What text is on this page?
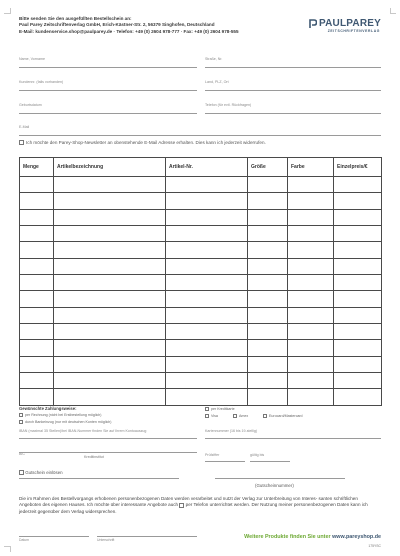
Bitte senden Sie den ausgefüllten Bestellschein an:
Paul Parey Zeitschriftenverlag GmbH, Erich-Kästner-Str. 2, 56379 Singhofen, Deutschland
E-Mail: kundenservice.shop@paulparey.de · Telefon: +49 (0) 2604 978-777 · Fax: +49 (0) 2604 978-555
PAULPAREY
ZEITSCHRIFTENVERLAG
Name, Vorname	Straße, Nr.
Kundennr. (falls vorhanden)	Land, PLZ, Ort
Geburtsdatum	Telefon (für evtl. Rückfragen)
E-Mail
Ich möchte den Parey-Shop-Newsletter an obenstehende E-Mail Adresse erhalten. Dies kann ich jederzeit widerrufen.
Menge	Artikelbezeichnung	Artikel-Nr.	Größe	Farbe	Einzelpreis/€

Gewünschte Zahlungsweise:
per Rechnung (nicht bei Erstbestellung möglich)
durch Bankeinzug (nur mit deutschen Konten möglich)
per Kreditkarte
Visa	Amex	Eurocard/Mastercard
IBAN (maximal 35 Stellen)/bei IBAN-Nummer finden Sie auf Ihrem Kontoauszug	Kartennummer (16 bis 19-stellig)
Prüfziffer	gültig bis
BIC
Kreditinstitut
Gutschein einlösen
(Gutscheinnummer)
Die im Rahmen des Bestellvorgangs erhobenen personenbezogenen Daten werden verarbeitet und nutzt der Verlag zur Unterbreitung von Interes- santen schriftlichen Angeboten des eigenen Hauses. Ich möchte über interessante Angebote auch per Telefon unterrichtet werden. Der Nutzung meiner personenbezogenen Daten kann ich jederzeit gegenüber dem Verlag widersprechen.
Datum	Unterschrift	Weitere Produkte finden Sie unter www.pareyshop.de
175YSC
